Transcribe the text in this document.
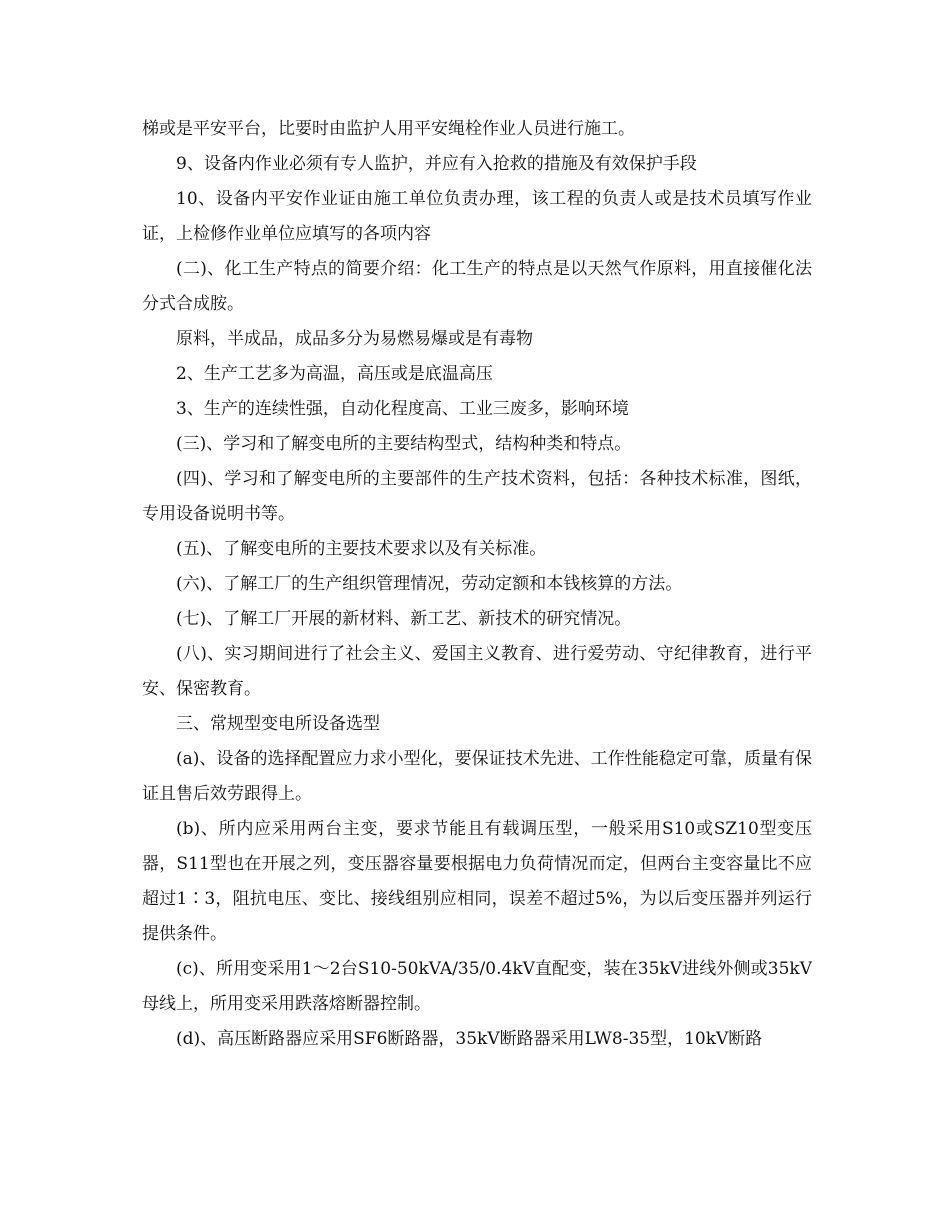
梯或是平安平台，比要时由监护人用平安绳栓作业人员进行施工。

9、设备内作业必须有专人监护，并应有入抢救的措施及有效保护手段

10、设备内平安作业证由施工单位负责办理，该工程的负责人或是技术员填写作业证，上检修作业单位应填写的各项内容

(二)、化工生产特点的简要介绍：化工生产的特点是以天然气作原料，用直接催化法分式合成胺。

原料，半成品，成品多分为易燃易爆或是有毒物

2、生产工艺多为高温，高压或是底温高压

3、生产的连续性强，自动化程度高、工业三废多，影响环境

(三)、学习和了解变电所的主要结构型式，结构种类和特点。

(四)、学习和了解变电所的主要部件的生产技术资料，包括：各种技术标准，图纸，专用设备说明书等。

(五)、了解变电所的主要技术要求以及有关标准。

(六)、了解工厂的生产组织管理情况，劳动定额和本钱核算的方法。

(七)、了解工厂开展的新材料、新工艺、新技术的研究情况。

(八)、实习期间进行了社会主义、爱国主义教育、进行爱劳动、守纪律教育，进行平安、保密教育。

三、常规型变电所设备选型

(a)、设备的选择配置应力求小型化，要保证技术先进、工作性能稳定可靠，质量有保证且售后效劳跟得上。

(b)、所内应采用两台主变，要求节能且有载调压型，一般采用S10或SZ10型变压器，S11型也在开展之列，变压器容量要根据电力负荷情况而定，但两台主变容量比不应超过1∶3，阻抗电压、变比、接线组别应相同，误差不超过5%，为以后变压器并列运行提供条件。

(c)、所用变采用1～2台S10-50kVA/35/0.4kV直配变，装在35kV进线外侧或35kV母线上，所用变采用跌落熔断器控制。

(d)、高压断路器应采用SF6断路器，35kV断路器采用LW8-35型，10kV断路
